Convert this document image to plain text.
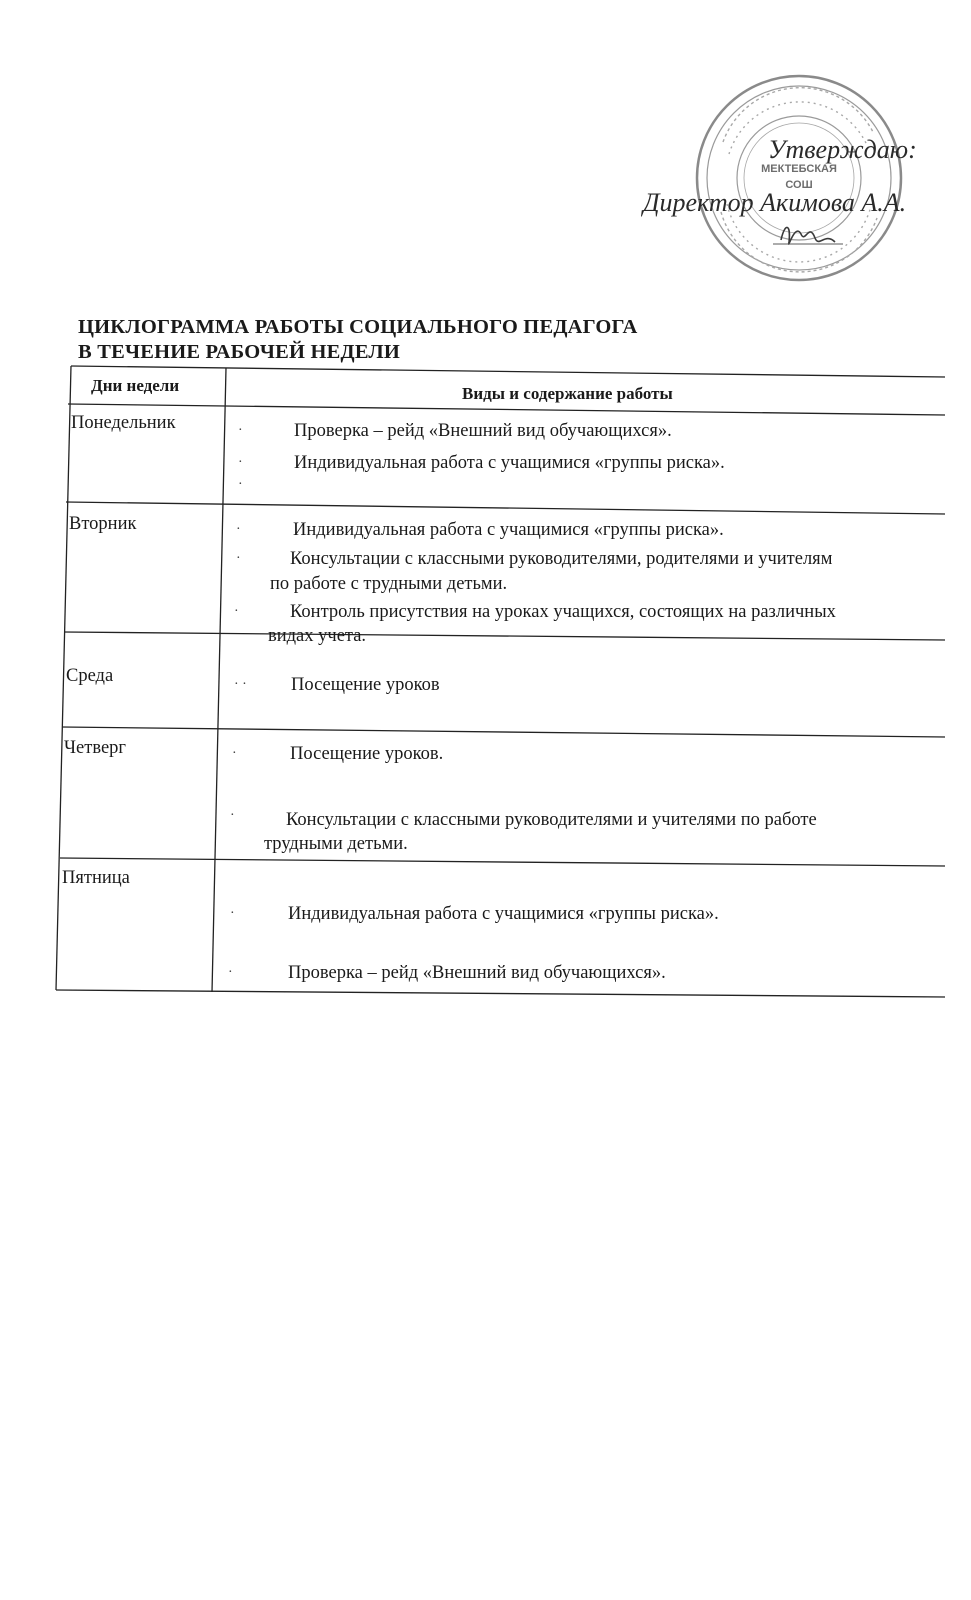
МЕКТЕБСКАЯ
СОШ
Утверждаю:
Директор Акимова А.А.
ЦИКЛОГРАММА РАБОТЫ СОЦИАЛЬНОГО ПЕДАГОГА
В ТЕЧЕНИЕ РАБОЧЕЙ НЕДЕЛИ
Дни недели	Виды и содержание работы
Понедельник	·	Проверка – рейд «Внешний вид обучающихся».
·	Индивидуальная работа с учащимися «группы риска».
·
Вторник	·	Индивидуальная работа с учащимися «группы риска».
·	Консультации с классными руководителями, родителями и учителям
по работе с трудными детьми.
·	Контроль присутствия на уроках учащихся, состоящих на различных
видах учета.
Среда	· · Посещение уроков
Четверг	·	Посещение уроков.
·	Консультации с классными руководителями и учителями по работе
трудными детьми.
Пятница
·	Индивидуальная работа с учащимися «группы риска».
·	Проверка – рейд «Внешний вид обучающихся».
